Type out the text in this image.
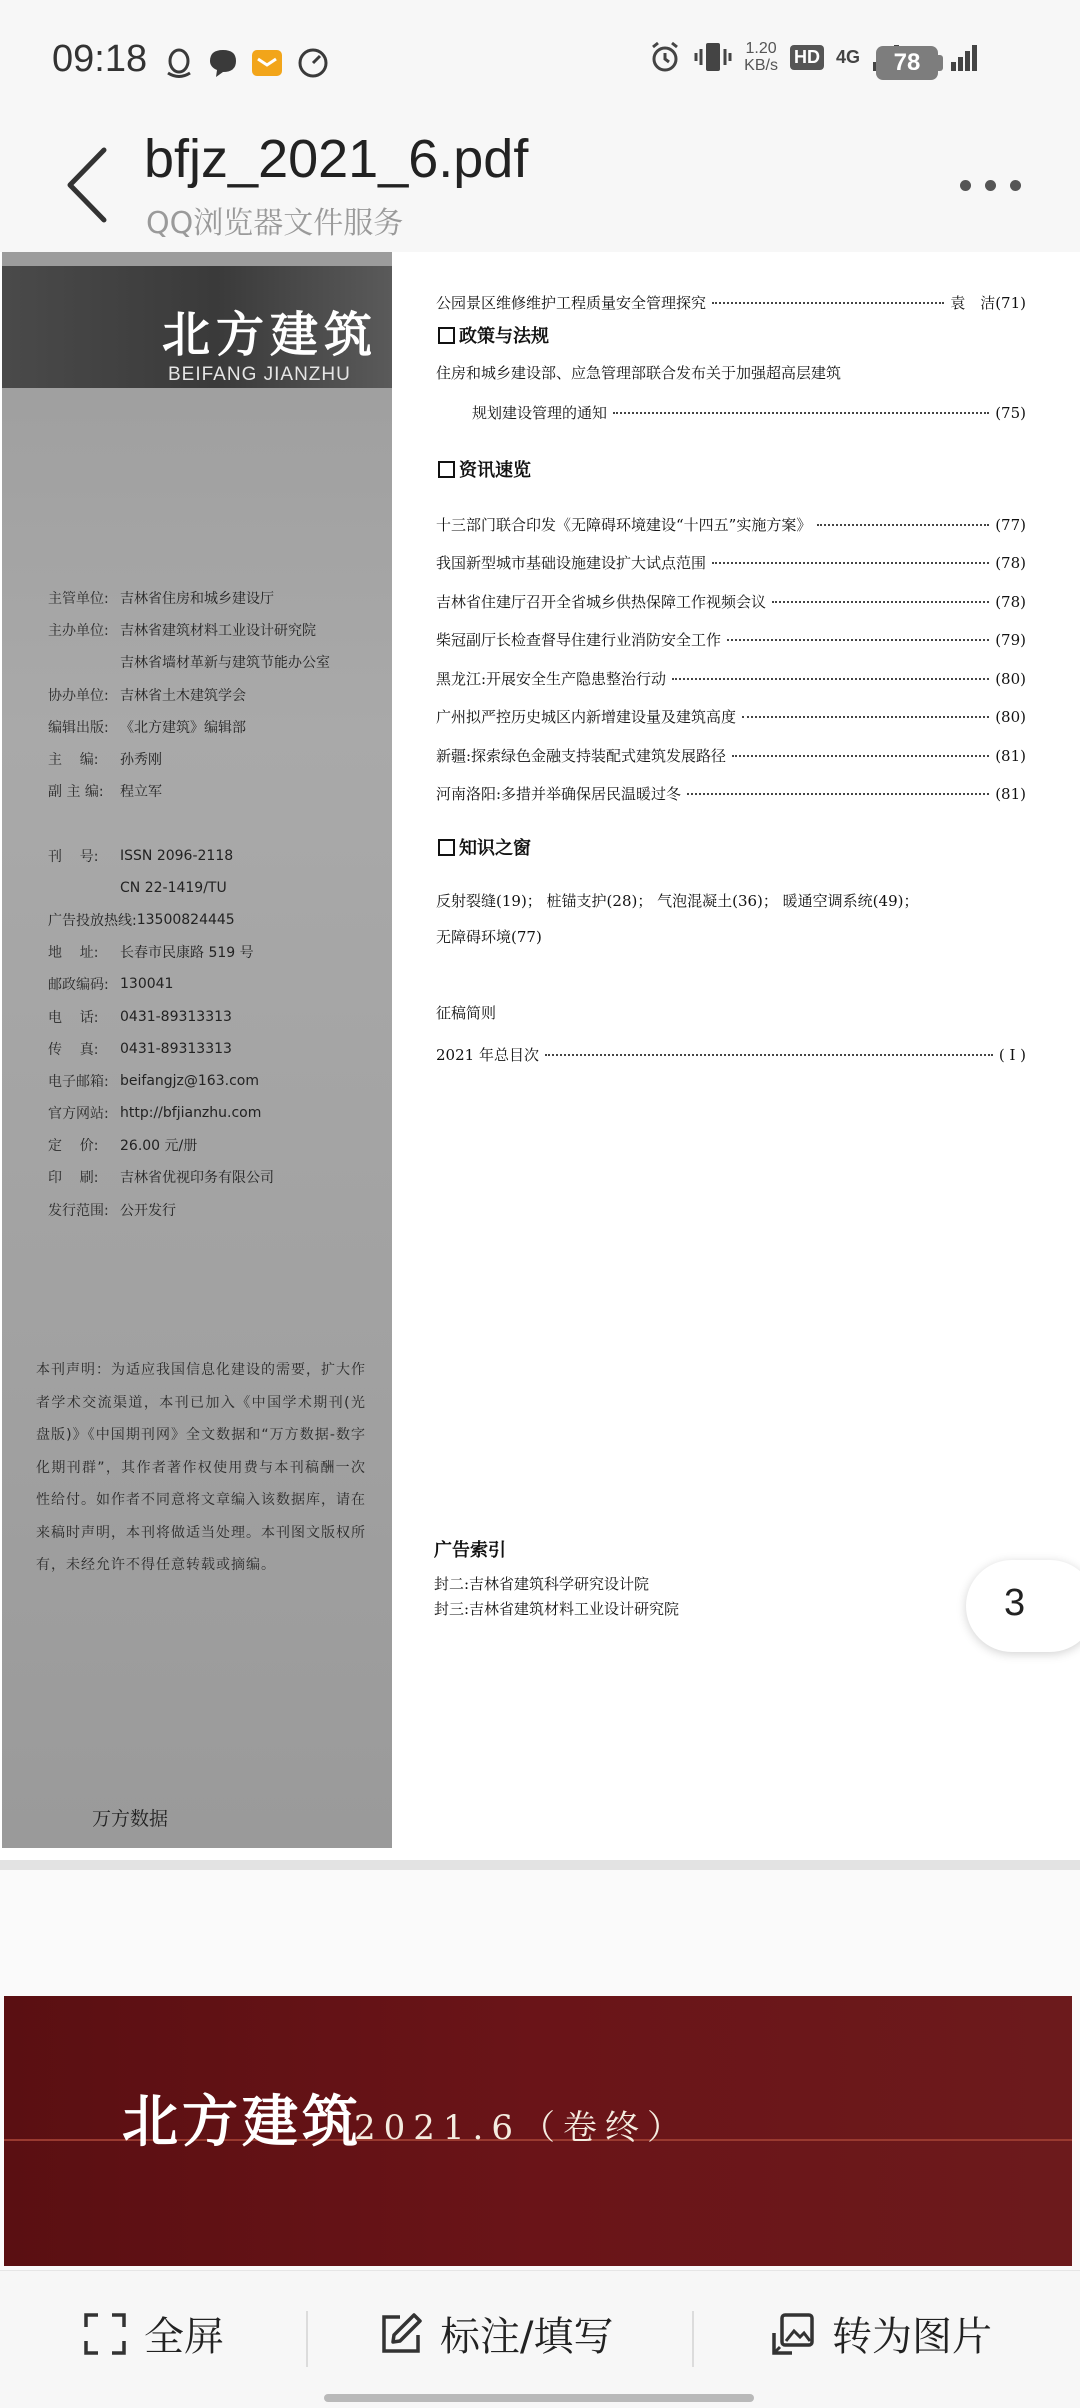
09:18	1.20
KB/s HD 4G	78
bfjz_2021_6.pdf
QQ浏览器文件服务
北方建筑
BEIFANG JIANZHU
主管单位: 吉林省住房和城乡建设厅
主办单位: 吉林省建筑材料工业设计研究院
吉林省墙材革新与建筑节能办公室
协办单位: 吉林省土木建筑学会
编辑出版: 《北方建筑》编辑部
主    编:	孙秀刚
副 主 编:	程立军
刊    号:	ISSN 2096-2118
CN 22-1419/TU
广告投放热线: 13500824445
地    址:	长春市民康路 519 号
邮政编码: 130041
电    话:	0431-89313313
传    真:	0431-89313313
电子邮箱: beifangjz@163.com
官方网站: http://bfjianzhu.com
定    价:	26.00 元/册
印    刷:	吉林省优视印务有限公司
发行范围: 公开发行
本刊声明：为适应我国信息化建设的需要，扩大作者学术交流渠道，本刊已加入《中国学术期刊(光盘版)》《中国期刊网》全文数据和“万方数据-数字化期刊群”，其作者著作权使用费与本刊稿酬一次性给付。如作者不同意将文章编入该数据库，请在来稿时声明，本刊将做适当处理。本刊图文版权所有，未经允许不得任意转载或摘编。
万方数据
公园景区维修维护工程质量安全管理探究	袁　洁(71)
政策与法规
住房和城乡建设部、应急管理部联合发布关于加强超高层建筑
规划建设管理的通知	(75)
资讯速览
十三部门联合印发《无障碍环境建设“十四五”实施方案》	(77)
我国新型城市基础设施建设扩大试点范围	(78)
吉林省住建厅召开全省城乡供热保障工作视频会议	(78)
柴冠副厅长检查督导住建行业消防安全工作	(79)
黑龙江:开展安全生产隐患整治行动	(80)
广州拟严控历史城区内新增建设量及建筑高度	(80)
新疆:探索绿色金融支持装配式建筑发展路径	(81)
河南洛阳:多措并举确保居民温暖过冬	(81)
知识之窗
反射裂缝(19)； 桩锚支护(28)； 气泡混凝土(36)； 暖通空调系统(49)；
无障碍环境(77)
征稿简则
2021 年总目次	( Ⅰ )
广告索引
封二:吉林省建筑科学研究设计院
封三:吉林省建筑材料工业设计研究院	3
北方建筑
2021.6（卷终）
全屏	标注/填写	转为图片
